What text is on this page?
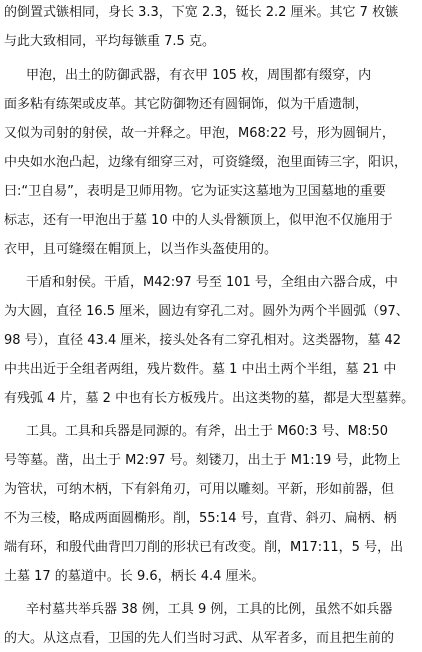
的倒置式镞相同，身长 3.3，下宽 2.3，铤长 2.2 厘米。其它 7 枚镞
与此大致相同，平均每镞重 7.5 克。
甲泡，出土的防御武器，有衣甲 105 枚，周围都有缀穿，内
面多粘有练架或皮革。其它防御物还有圆铜饰，似为干盾遗制，
又似为司射的射侯，故一并释之。甲泡，M68:22 号，形为圆铜片，
中央如水泡凸起，边缘有细穿三对，可资缝缀，泡里面铸三字，阳识，
曰:“卫自易”，表明是卫师用物。它为证实这墓地为卫国墓地的重要
标志，还有一甲泡出于墓 10 中的人头骨额顶上，似甲泡不仅施用于
衣甲，且可缝缀在帽顶上，以当作头盔使用的。
干盾和射侯。干盾，M42:97 号至 101 号，全组由六器合成，中
为大圆，直径 16.5 厘米，圆边有穿孔二对。圆外为两个半圆弧（97、
98 号），直径 43.4 厘米，接头处各有二穿孔相对。这类器物，墓 42
中共出近于全组者两组，残片数件。墓 1 中出土两个半组，墓 21 中
有残弧 4 片，墓 2 中也有长方板残片。出这类物的墓，都是大型墓葬。
工具。工具和兵器是同源的。有斧，出土于 M60:3 号、M8:50
号等墓。凿，出土于 M2:97 号。刻镂刀，出土于 M1:19 号，此物上
为管状，可纳木柄，下有斜角刃，可用以雕刻。平新，形如前器，但
不为三棱，略成两面圆椭形。削，55:14 号，直背、斜刃、扁柄、柄
端有环，和殷代曲背凹刀削的形状已有改变。削，M17:11，5 号，出
土墓 17 的墓道中。长 9.6，柄长 4.4 厘米。
辛村墓共举兵器 38 例，工具 9 例，工具的比例，虽然不如兵器
的大。从这点看，卫国的先人们当时习武、从军者多，而且把生前的
